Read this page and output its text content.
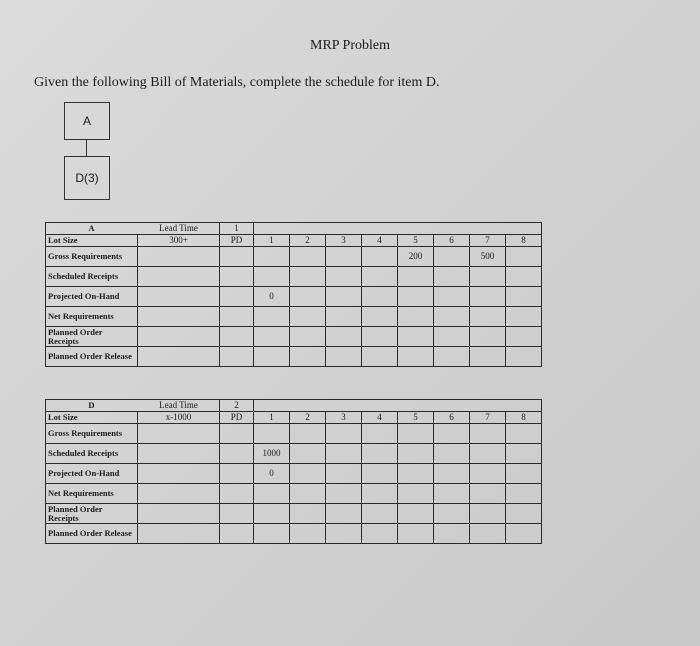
MRP Problem
Given the following Bill of Materials, complete the schedule for item D.
A
D(3)
A	Lead Time	1								
Lot Size	300+	PD	1	2	3	4	5	6	7	8
Gross Requirements							200		500	
Scheduled Receipts										
Projected On-Hand			0							
Net Requirements										
Planned Order Receipts										
Planned Order Release										
D	Lead Time	2								
Lot Size	x-1000	PD	1	2	3	4	5	6	7	8
Gross Requirements										
Scheduled Receipts			1000							
Projected On-Hand			0							
Net Requirements										
Planned Order Receipts										
Planned Order Release										
